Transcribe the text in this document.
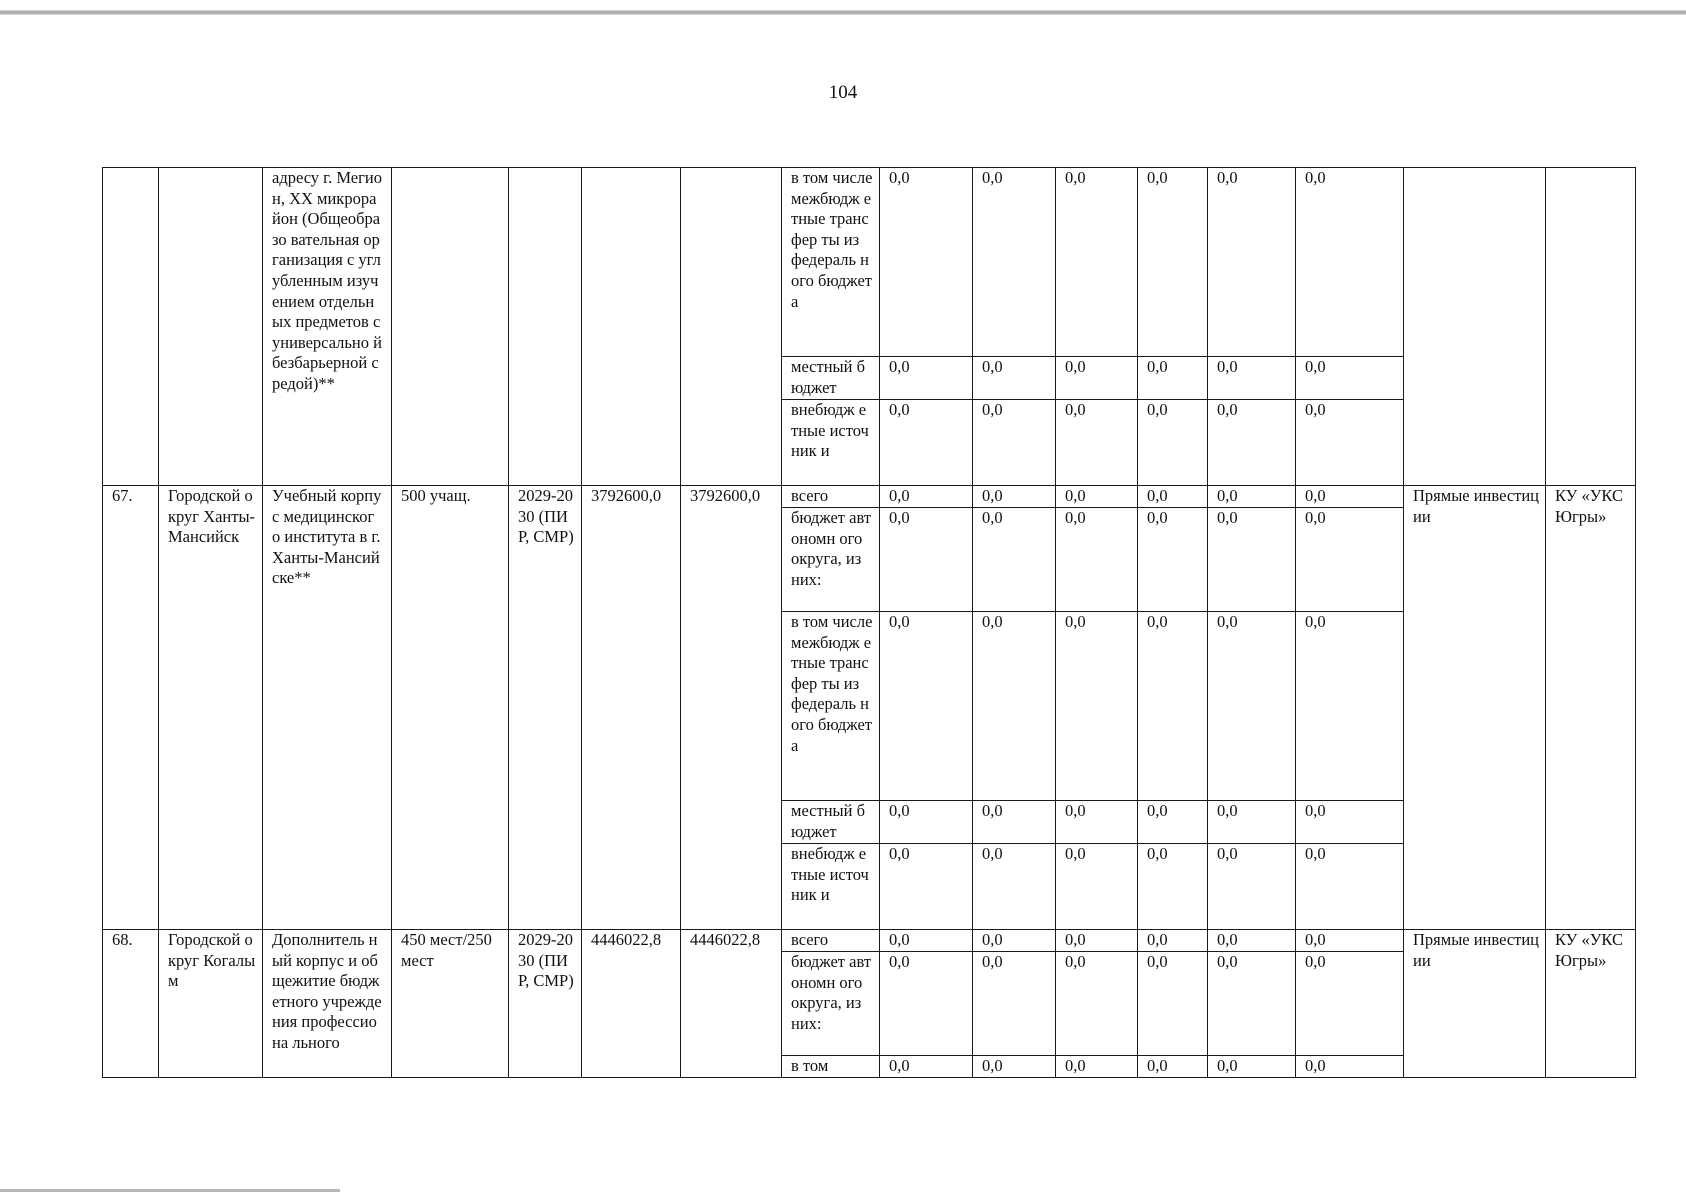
104
		адресу г. Мегион, XX микрорайон (Общеобразо вательная организация с углубленным изучением отдельных предметов с универсально й безбарьерной средой)**					в том числе межбюдж етные трансфер ты из федераль ного бюджета	0,0	0,0	0,0	0,0	0,0	0,0		
							местный бюджет	0,0	0,0	0,0	0,0	0,0	0,0		
							внебюдж етные источник и	0,0	0,0	0,0	0,0	0,0	0,0		
67.	Городской округ Ханты-Мансийск	Учебный корпус медицинског о института в г. Ханты-Мансийске**	500 учащ.	2029-2030 (ПИР, СМР)	3792600,0	3792600,0	всего	0,0	0,0	0,0	0,0	0,0	0,0	Прямые инвестиции	КУ «УКС Югры»
							бюджет автономн ого округа, из них:	0,0	0,0	0,0	0,0	0,0	0,0		
							в том числе межбюдж етные трансфер ты из федераль ного бюджета	0,0	0,0	0,0	0,0	0,0	0,0		
							местный бюджет	0,0	0,0	0,0	0,0	0,0	0,0		
							внебюдж етные источник и	0,0	0,0	0,0	0,0	0,0	0,0		
68.	Городской округ Когалым	Дополнитель ный корпус и общежитие бюджетного учреждения профессиона льного	450 мест/250 мест	2029-2030 (ПИР, СМР)	4446022,8	4446022,8	всего	0,0	0,0	0,0	0,0	0,0	0,0	Прямые инвестиции	КУ «УКС Югры»
							бюджет автономн ого округа, из них:	0,0	0,0	0,0	0,0	0,0	0,0		
							в том	0,0	0,0	0,0	0,0	0,0	0,0		
